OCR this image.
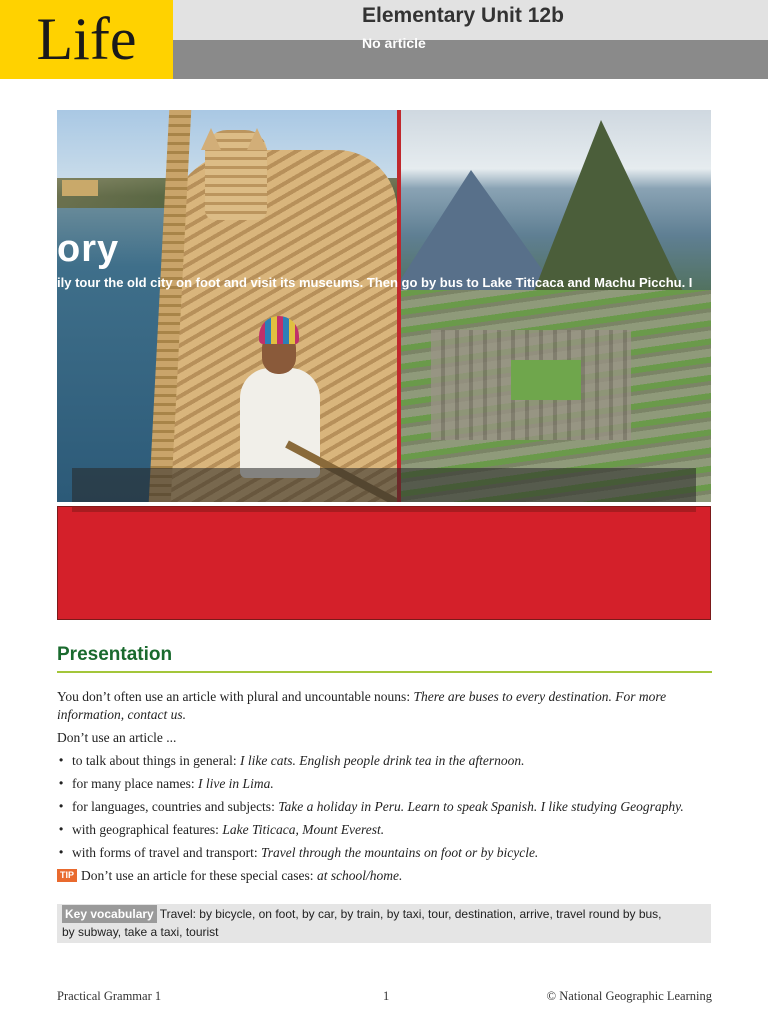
Life	Elementary Unit 12b
No article
ory
ily tour the old city on foot and visit its museums. Then go by bus to Lake Titicaca and Machu Picchu. I
Presentation

You don’t often use an article with plural and uncountable nouns: There are buses to every destination. For more information, contact us.

Don’t use an article ...

• to talk about things in general: I like cats. English people drink tea in the afternoon.
• for many place names: I live in Lima.
• for languages, countries and subjects: Take a holiday in Peru. Learn to speak Spanish. I like studying Geography.
• with geographical features: Lake Titicaca, Mount Everest.
• with forms of travel and transport: Travel through the mountains on foot or by bicycle.
TIP Don’t use an article for these special cases:
at school/home.
Key vocabulary Travel: by bicycle, on foot, by car, by train, by taxi, tour, destination, arrive, travel round by bus,
by subway, take a taxi, tourist
Practical Grammar 1	1	© National Geographic Learning
